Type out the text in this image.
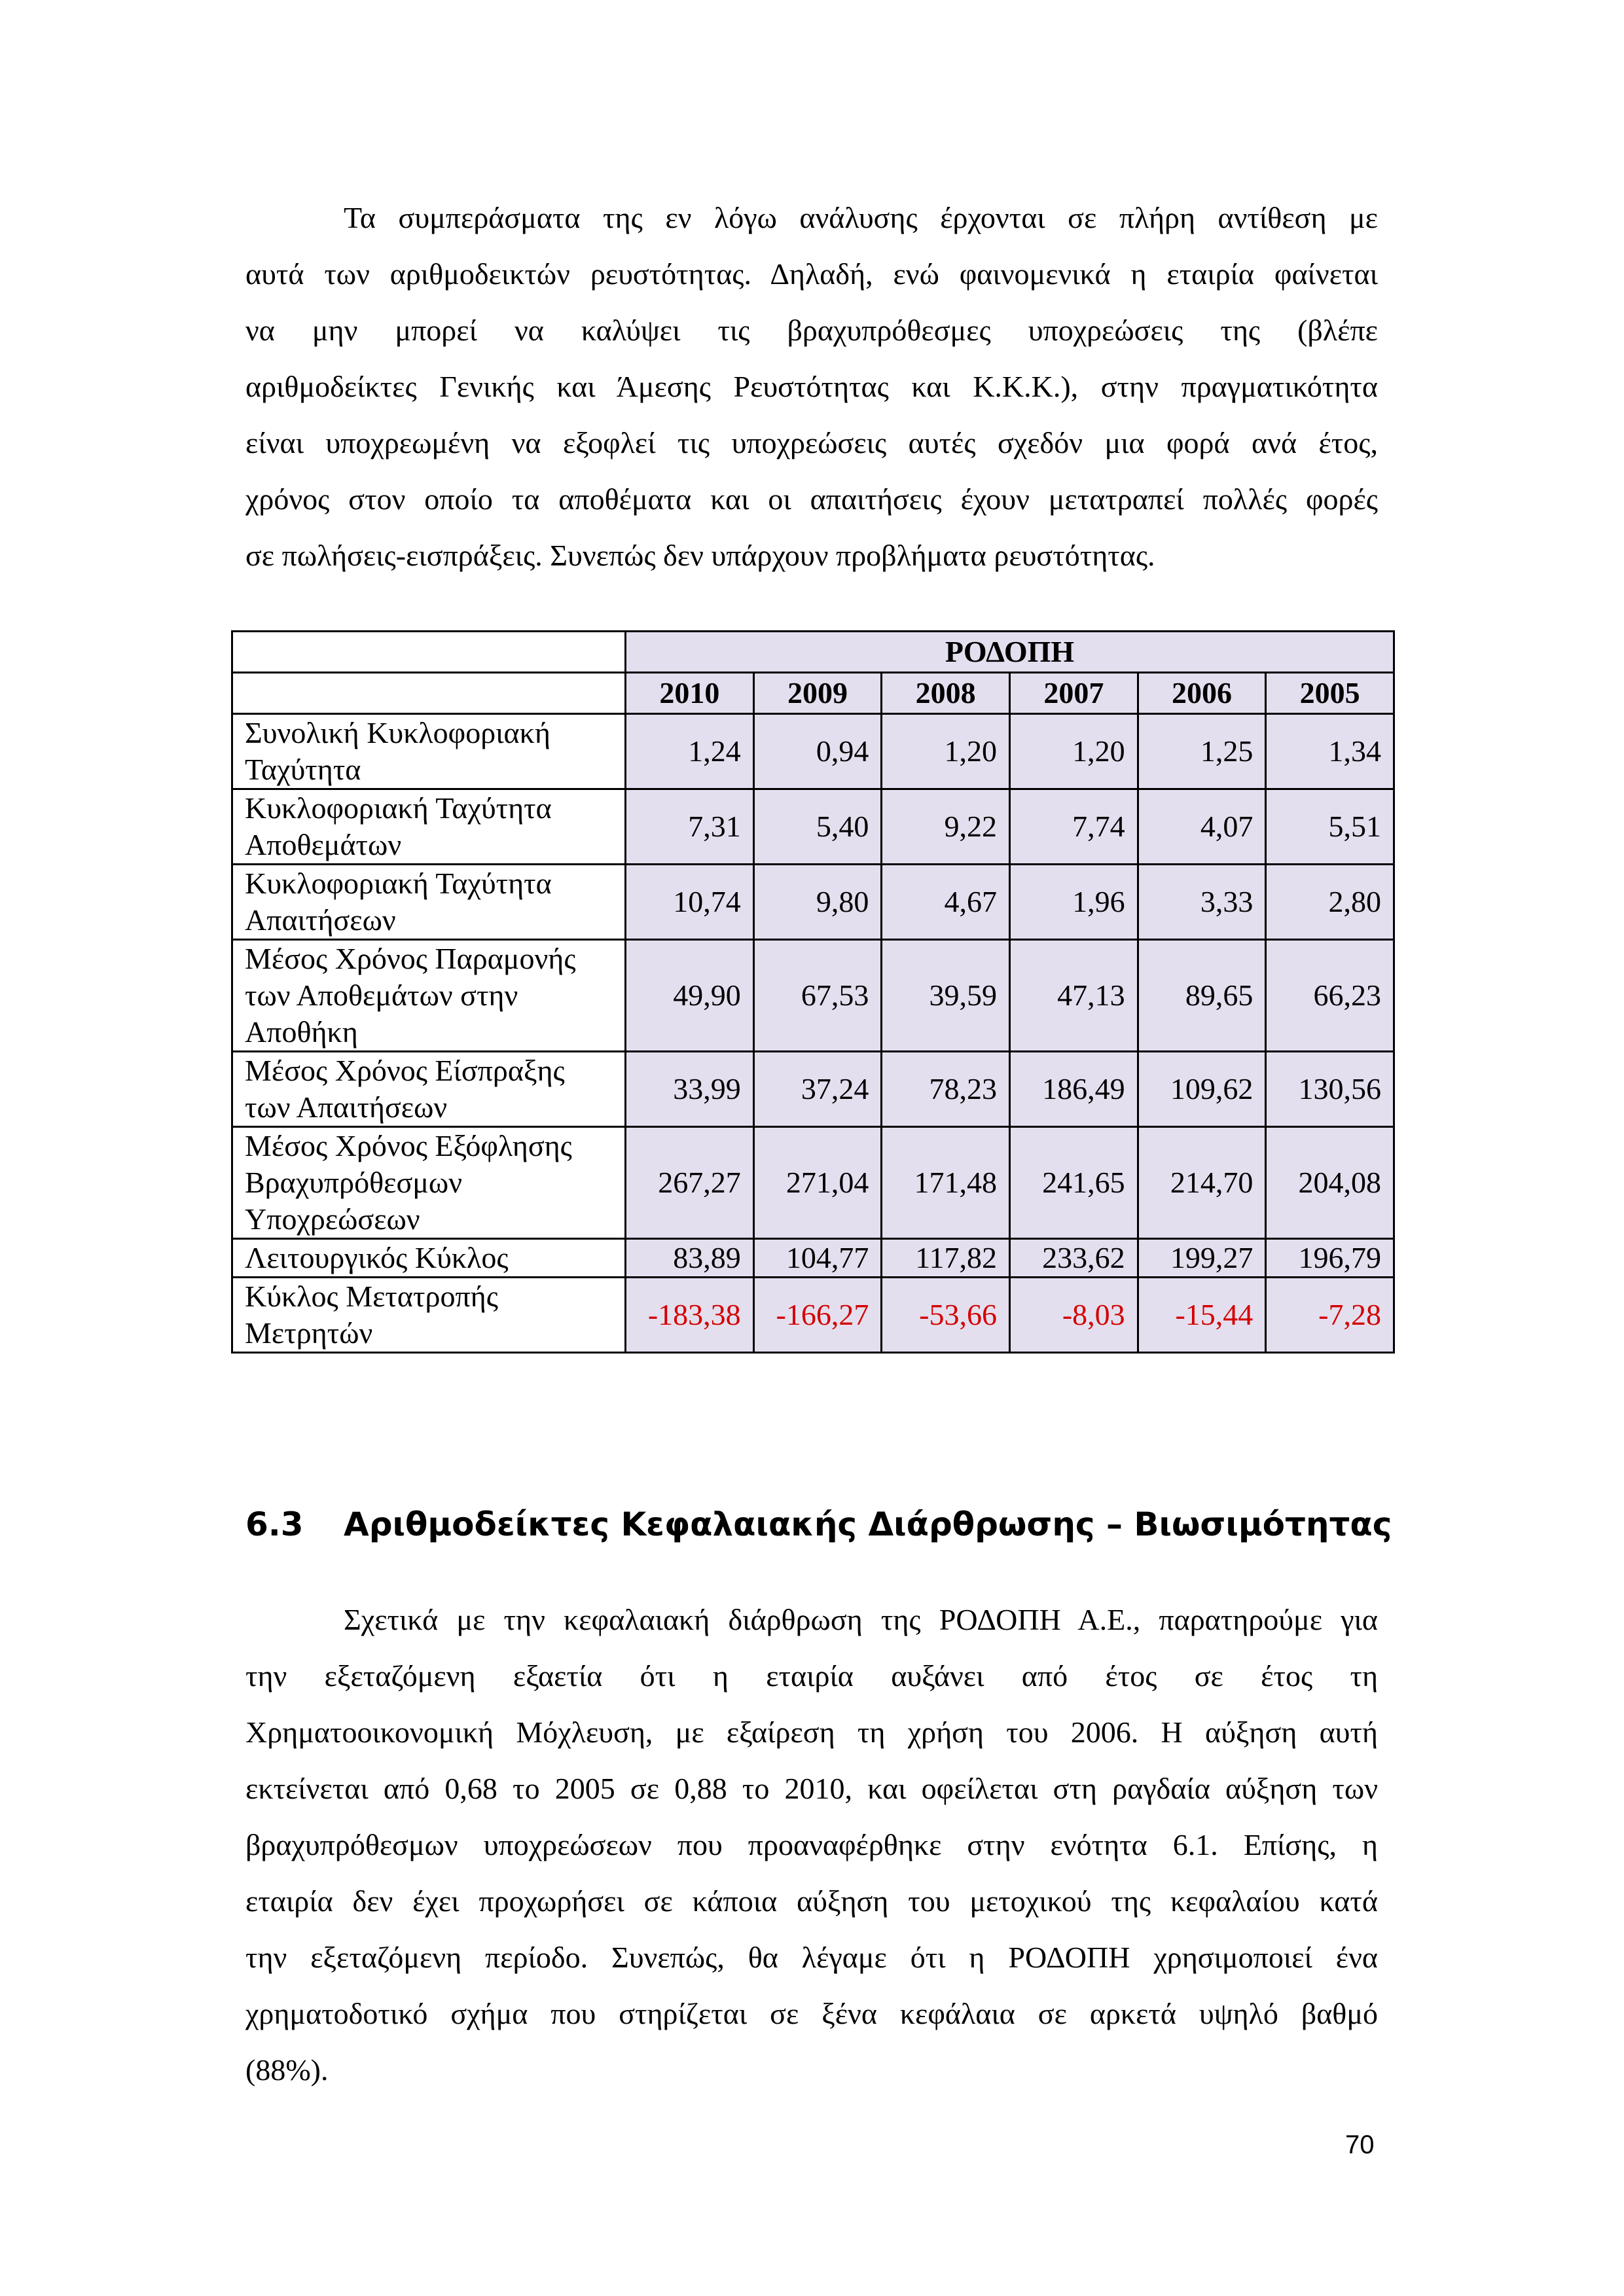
Τα συμπεράσματα της εν λόγω ανάλυσης έρχονται σε πλήρη αντίθεση με
αυτά των αριθμοδεικτών ρευστότητας. Δηλαδή, ενώ φαινομενικά η εταιρία φαίνεται
να μην μπορεί να καλύψει τις βραχυπρόθεσμες υποχρεώσεις της (βλέπε
αριθμοδείκτες Γενικής και Άμεσης Ρευστότητας και Κ.Κ.Κ.), στην πραγματικότητα
είναι υποχρεωμένη να εξοφλεί τις υποχρεώσεις αυτές σχεδόν μια φορά ανά έτος,
χρόνος στον οποίο τα αποθέματα και οι απαιτήσεις έχουν μετατραπεί πολλές φορές
σε πωλήσεις-εισπράξεις. Συνεπώς δεν υπάρχουν προβλήματα ρευστότητας.
	ΡΟΔΟΠΗ					
	2010	2009	2008	2007	2006	2005

Συνολική Κυκλοφοριακή
Ταχύτητα	1,24	0,94	1,20	1,20	1,25	1,34

Κυκλοφοριακή Ταχύτητα
Αποθεμάτων	7,31	5,40	9,22	7,74	4,07	5,51

Κυκλοφοριακή Ταχύτητα
Απαιτήσεων	10,74	9,80	4,67	1,96	3,33	2,80

Μέσος Χρόνος Παραμονής
των Αποθεμάτων στην
Αποθήκη	49,90	67,53	39,59	47,13	89,65	66,23

Μέσος Χρόνος Είσπραξης
των Απαιτήσεων	33,99	37,24	78,23	186,49	109,62	130,56

Μέσος Χρόνος Εξόφλησης
Βραχυπρόθεσμων
Υποχρεώσεων	267,27	271,04	171,48	241,65	214,70	204,08

Λειτουργικός Κύκλος	83,89	104,77	117,82	233,62	199,27	196,79

Κύκλος Μετατροπής
Μετρητών	-183,38	-166,27	-53,66	-8,03	-15,44	-7,28
6.3 Αριθμοδείκτες Κεφαλαιακής Διάρθρωσης – Βιωσιμότητας
Σχετικά με την κεφαλαιακή διάρθρωση της ΡΟΔΟΠΗ Α.Ε., παρατηρούμε για
την εξεταζόμενη εξαετία ότι η εταιρία αυξάνει από έτος σε έτος τη
Χρηματοοικονομική Μόχλευση, με εξαίρεση τη χρήση του 2006. Η αύξηση αυτή
εκτείνεται από 0,68 το 2005 σε 0,88 το 2010, και οφείλεται στη ραγδαία αύξηση των
βραχυπρόθεσμων υποχρεώσεων που προαναφέρθηκε στην ενότητα 6.1. Επίσης, η
εταιρία δεν έχει προχωρήσει σε κάποια αύξηση του μετοχικού της κεφαλαίου κατά
την εξεταζόμενη περίοδο. Συνεπώς, θα λέγαμε ότι η ΡΟΔΟΠΗ χρησιμοποιεί ένα
χρηματοδοτικό σχήμα που στηρίζεται σε ξένα κεφάλαια σε αρκετά υψηλό βαθμό
(88%).
70
